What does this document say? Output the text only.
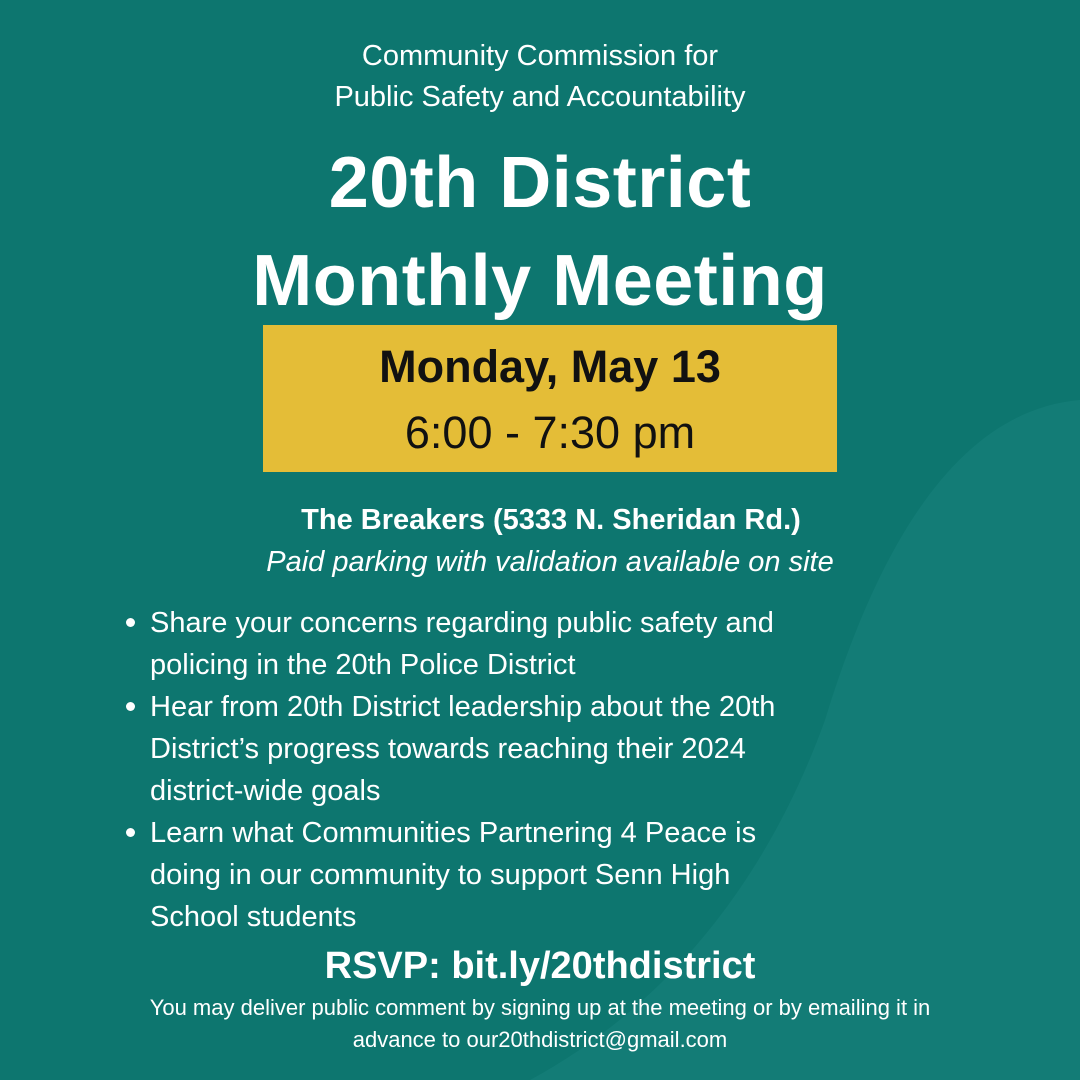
Community Commission for
Public Safety and Accountability
20th District
Monthly Meeting
Monday, May 13
6:00 - 7:30 pm
The Breakers (5333 N. Sheridan Rd.)
Paid parking with validation available on site
Share your concerns regarding public safety and
policing in the 20th Police District
Hear from 20th District leadership about the 20th
District’s progress towards reaching their 2024
district-wide goals
Learn what Communities Partnering 4 Peace is
doing in our community to support Senn High
School students
RSVP: bit.ly/20thdistrict
You may deliver public comment by signing up at the meeting or by emailing it in
advance to our20thdistrict@gmail.com
